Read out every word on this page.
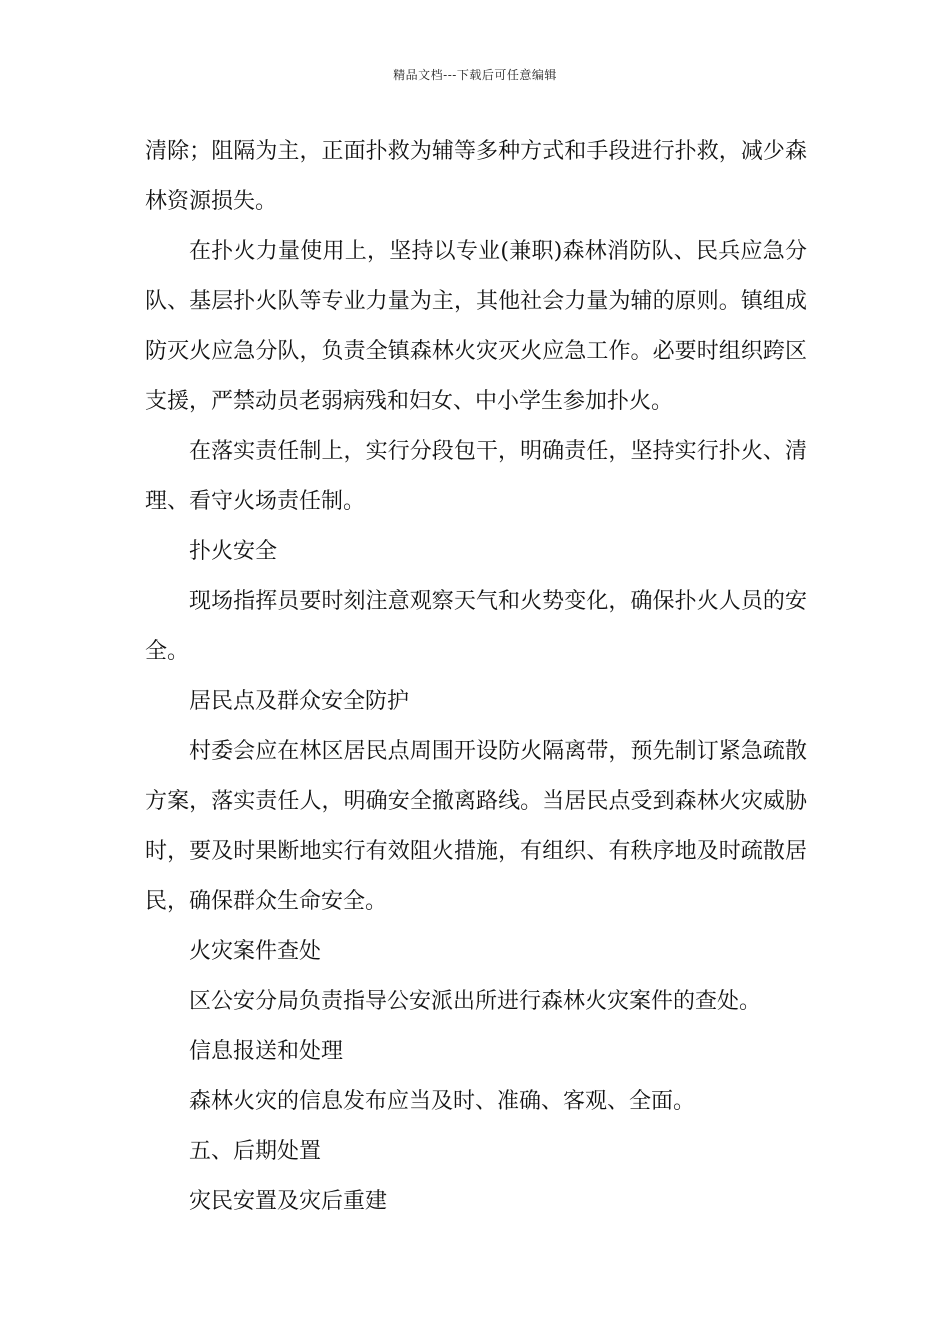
精品文档---下载后可任意编辑

清除；阻隔为主，正面扑救为辅等多种方式和手段进行扑救，减少森林资源损失。

在扑火力量使用上，坚持以专业(兼职)森林消防队、民兵应急分队、基层扑火队等专业力量为主，其他社会力量为辅的原则。镇组成防灭火应急分队，负责全镇森林火灾灭火应急工作。必要时组织跨区支援，严禁动员老弱病残和妇女、中小学生参加扑火。

在落实责任制上，实行分段包干，明确责任，坚持实行扑火、清理、看守火场责任制。

扑火安全

现场指挥员要时刻注意观察天气和火势变化，确保扑火人员的安全。

居民点及群众安全防护

村委会应在林区居民点周围开设防火隔离带，预先制订紧急疏散方案，落实责任人，明确安全撤离路线。当居民点受到森林火灾威胁时，要及时果断地实行有效阻火措施，有组织、有秩序地及时疏散居民，确保群众生命安全。

火灾案件查处

区公安分局负责指导公安派出所进行森林火灾案件的查处。

信息报送和处理

森林火灾的信息发布应当及时、准确、客观、全面。

五、后期处置

灾民安置及灾后重建
